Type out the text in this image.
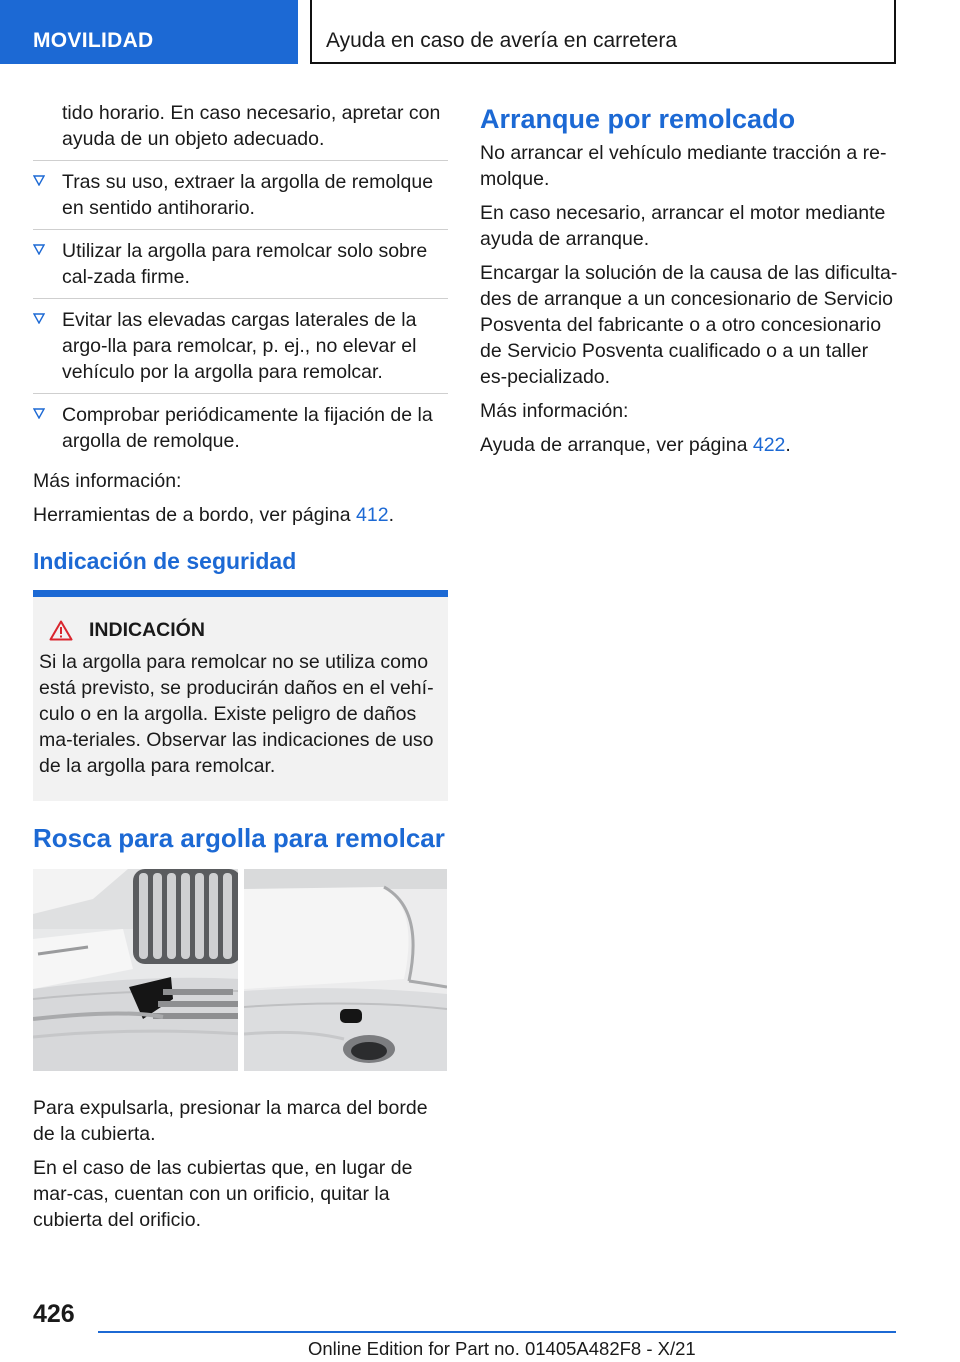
MOVILIDAD	Ayuda en caso de avería en carretera

tido horario. En caso necesario, apretar con ayuda de un objeto adecuado.

Tras su uso, extraer la argolla de remolque en sentido antihorario.
Utilizar la argolla para remolcar solo sobre cal‐zada firme.
Evitar las elevadas cargas laterales de la argo‐lla para remolcar, p. ej., no elevar el vehículo por la argolla para remolcar.
Comprobar periódicamente la fijación de la argolla de remolque.

Más información:

Herramientas de a bordo, ver página 412.

Indicación de seguridad
INDICACIÓN
Si la argolla para remolcar no se utiliza como está previsto, se producirán daños en el vehí‐culo o en la argolla. Existe peligro de daños ma‐teriales. Observar las indicaciones de uso de la argolla para remolcar.
Rosca para argolla para remolcar

Para expulsarla, presionar la marca del borde de la cubierta.

En el caso de las cubiertas que, en lugar de mar‐cas, cuentan con un orificio, quitar la cubierta del orificio.

Arranque por remolcado

No arrancar el vehículo mediante tracción a re‐molque.

En caso necesario, arrancar el motor mediante ayuda de arranque.

Encargar la solución de la causa de las dificulta‐des de arranque a un concesionario de Servicio Posventa del fabricante o a otro concesionario de Servicio Posventa cualificado o a un taller es‐pecializado.

Más información:

Ayuda de arranque, ver página 422.

426
Online Edition for Part no. 01405A482F8 - X/21
